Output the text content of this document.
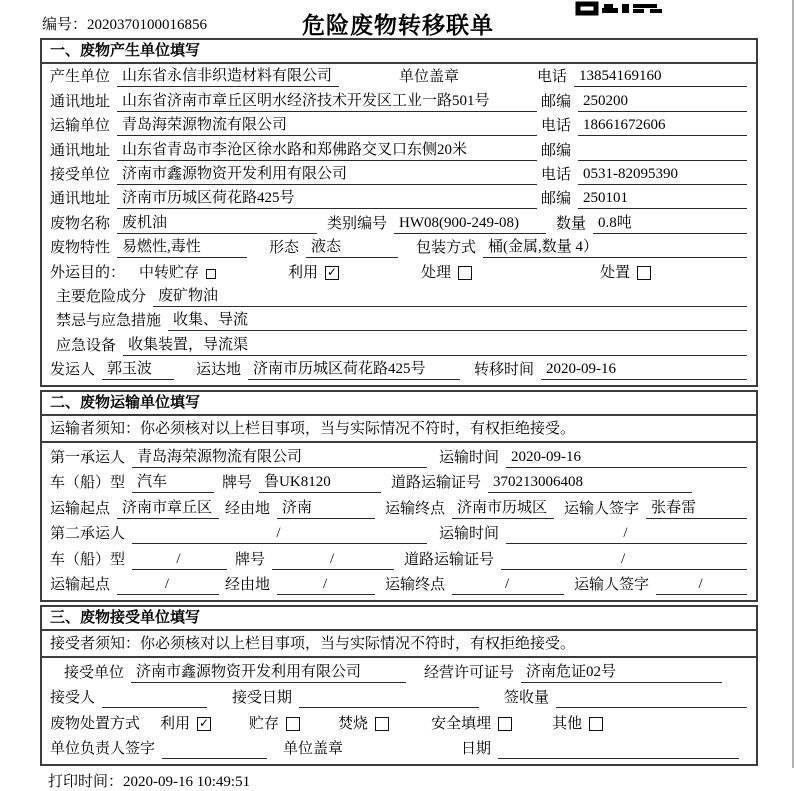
编号：2020370100016856	危险废物转移联单
一、废物产生单位填写
产生单位 山东省永信非织造材料有限公司	单位盖章	电话 13854169160
通讯地址 山东省济南市章丘区明水经济技术开发区工业一路501号	邮编 250200
运输单位 青岛海荣源物流有限公司	电话 18661672606
通讯地址 山东省青岛市李沧区徐水路和郑佛路交叉口东侧20米	邮编
接受单位 济南市鑫源物资开发利用有限公司	电话 0531-82095390
通讯地址 济南市历城区荷花路425号	邮编 250101
废物名称 废机油	类别编号 HW08(900-249-08)	数量 0.8吨
废物特性 易燃性,毒性	形态 液态	包装方式 桶(金属,数量 4）
外运目的： 中转贮存	利用 ✓	处理	处置
主要危险成分 废矿物油
禁忌与应急措施 收集、导流
应急设备 收集装置，导流渠
发运人 郭玉波	运达地 济南市历城区荷花路425号	转移时间 2020-09-16
二、废物运输单位填写
运输者须知：你必须核对以上栏目事项，当与实际情况不符时，有权拒绝接受。
第一承运人 青岛海荣源物流有限公司	运输时间 2020-09-16
车（船）型 汽车	牌号 鲁UK8120	道路运输证号 370213006408
运输起点 济南市章丘区 经由地 济南	运输终点 济南市历城区	运输人签字 张春雷
第二承运人	/	运输时间	/
车（船）型	/	牌号	/	道路运输证号	/
运输起点	/	经由地	/	运输终点	/	运输人签字	/
三、废物接受单位填写
接受者须知：你必须核对以上栏目事项，当与实际情况不符时，有权拒绝接受。
接受单位 济南市鑫源物资开发利用有限公司	经营许可证号 济南危证02号
接受人	接受日期	签收量
废物处置方式 利用 ✓	贮存	焚烧	安全填埋	其他
单位负责人签字	单位盖章	日期
打印时间：2020-09-16 10:49:51
